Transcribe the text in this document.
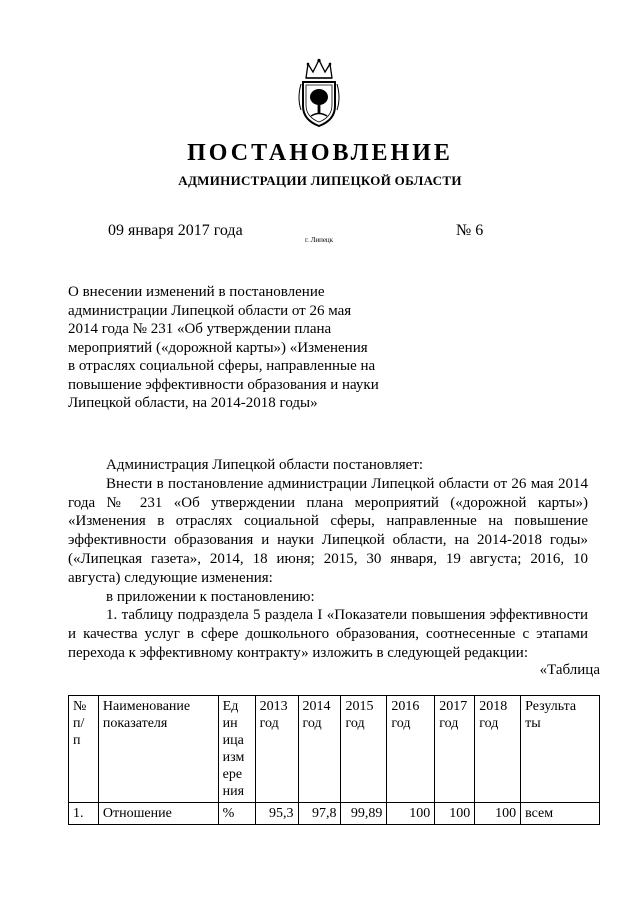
ПОСТАНОВЛЕНИЕ
АДМИНИСТРАЦИИ ЛИПЕЦКОЙ ОБЛАСТИ
09 января 2017 года
г. Липецк
№ 6
О внесении изменений в постановление
администрации Липецкой области от 26 мая
2014 года № 231 «Об утверждении плана
мероприятий («дорожной карты») «Изменения
в отраслях социальной сферы, направленные на
повышение эффективности образования и науки
Липецкой области, на 2014-2018 годы»
Администрация Липецкой области постановляет:
Внести в постановление администрации Липецкой области от 26 мая 2014
года № 231 «Об утверждении плана мероприятий («дорожной карты»)
«Изменения в отраслях социальной сферы, направленные на повышение
эффективности образования и науки Липецкой области, на 2014-2018 годы»
(«Липецкая газета», 2014, 18 июня; 2015, 30 января, 19 августа; 2016, 10
августа) следующие изменения:
в приложении к постановлению:
1. таблицу подраздела 5 раздела I «Показатели повышения эффективности
и качества услуг в сфере дошкольного образования, соотнесенные с этапами
перехода к эффективному контракту» изложить в следующей редакции:
«Таблица
№ п/ п	Наименование показателя	Ед ин ица изм ере ния	2013 год	2014 год	2015 год	2016 год	2017 год	2018 год	Результа ты
1.	Отношение	%	95,3	97,8	99,89	100	100	100	всем
